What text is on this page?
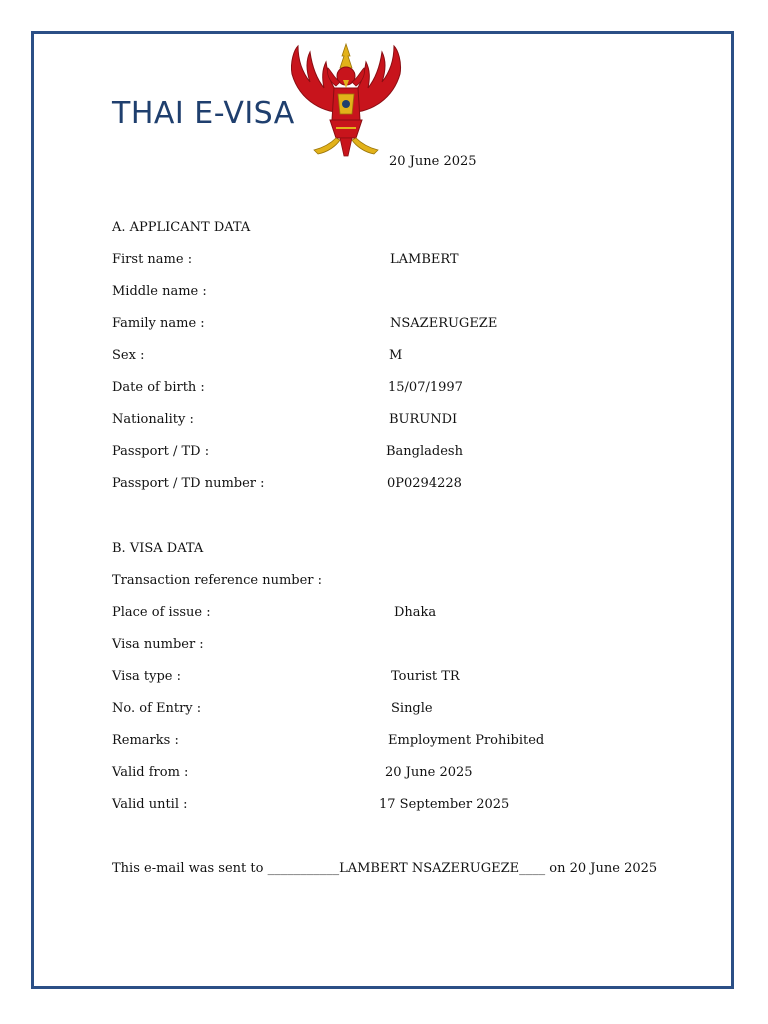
THAI E-VISA
20 June 2025
A. APPLICANT DATA
First name :	LAMBERT
Middle name :
Family name :	NSAZERUGEZE
Sex :	M
Date of birth :	15/07/1997
Nationality :	BURUNDI
Passport / TD :	Bangladesh
Passport / TD number :	0P0294228
B. VISA DATA
Transaction reference number :
Place of issue :	Dhaka
Visa number :
Visa type :	Tourist TR
No. of Entry :	Single
Remarks :	Employment Prohibited
Valid from :	20 June 2025
Valid until :	17 September 2025
This e-mail was sent to ___________LAMBERT NSAZERUGEZE____ on 20 June 2025
